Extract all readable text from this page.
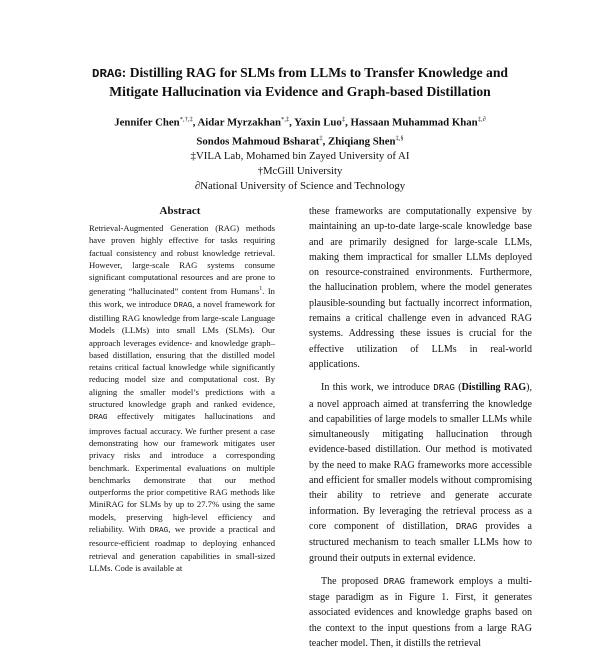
DRAG: Distilling RAG for SLMs from LLMs to Transfer Knowledge and
Mitigate Hallucination via Evidence and Graph-based Distillation
Jennifer Chen*,†,‡, Aidar Myrzakhan*,‡, Yaxin Luo‡, Hassaan Muhammad Khan‡,∂
Sondos Mahmoud Bsharat‡, Zhiqiang Shen‡,§
‡VILA Lab, Mohamed bin Zayed University of AI
†McGill University
∂National University of Science and Technology
Abstract

Retrieval-Augmented Generation (RAG) methods have proven highly effective for tasks requiring factual consistency and robust knowledge retrieval. However, large-scale RAG systems consume significant computational resources and are prone to generating “hallucinated” content from Humans$^1$. In this work, we introduce DRAG, a novel framework for distilling RAG knowledge from large-scale Language Models (LLMs) into small LMs (SLMs). Our approach leverages evidence- and knowledge graph–based distillation, ensuring that the distilled model retains critical factual knowledge while significantly reducing model size and computational cost. By aligning the smaller model’s predictions with a structured knowledge graph and ranked evidence, DRAG effectively mitigates hallucinations and improves factual accuracy. We further present a case demonstrating how our framework mitigates user privacy risks and introduce a corresponding benchmark. Experimental evaluations on multiple benchmarks demonstrate that our method outperforms the prior competitive RAG methods like MiniRAG for SLMs by up to 27.7% using the same models, preserving high-level efficiency and reliability. With DRAG, we provide a practical and resource-efficient roadmap to deploying enhanced retrieval and generation capabilities in small-sized LLMs. Code is available at

these frameworks are computationally expensive by maintaining an up-to-date large-scale knowledge base and are primarily designed for large-scale LLMs, making them impractical for smaller LLMs deployed on resource-constrained environments. Furthermore, the hallucination problem, where the model generates plausible-sounding but factually incorrect information, remains a critical challenge even in advanced RAG systems. Addressing these issues is crucial for the effective utilization of LLMs in real-world applications.

In this work, we introduce DRAG (Distilling RAG), a novel approach aimed at transferring the knowledge and capabilities of large models to smaller LLMs while simultaneously mitigating hallucination through evidence-based distillation. Our method is motivated by the need to make RAG frameworks more accessible and efficient for smaller models without compromising their ability to retrieve and generate accurate information. By leveraging the retrieval process as a core component of distillation, DRAG provides a structured mechanism to teach smaller LLMs how to ground their outputs in external evidence.

The proposed DRAG framework employs a multi-stage paradigm as in Figure 1. First, it generates associated evidences and knowledge graphs based on the context to the input questions from a large RAG teacher model. Then, it distills the retrieval
